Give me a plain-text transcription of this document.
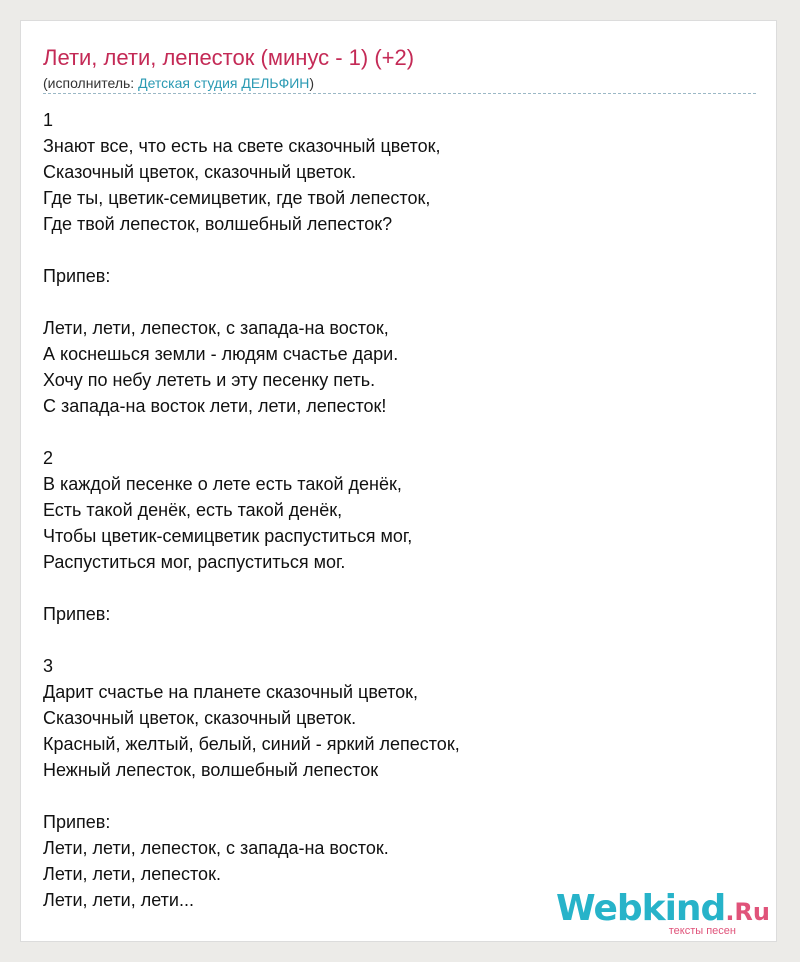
Лети, лети, лепесток (минус - 1) (+2)
(исполнитель: Детская студия ДЕЛЬФИН)
1
Знают все, что есть на свете сказочный цветок,
Сказочный цветок, сказочный цветок.
Где ты, цветик-семицветик, где твой лепесток,
Где твой лепесток, волшебный лепесток?
Припев:
Лети, лети, лепесток, с запада-на восток,
А коснешься земли - людям счастье дари.
Хочу по небу лететь и эту песенку петь.
С запада-на восток лети, лети, лепесток!
2
В каждой песенке о лете есть такой денёк,
Есть такой денёк, есть такой денёк,
Чтобы цветик-семицветик распуститься мог,
Распуститься мог, распуститься мог.
Припев:
3
Дарит счастье на планете сказочный цветок,
Сказочный цветок, сказочный цветок.
Красный, желтый, белый, синий - яркий лепесток,
Нежный лепесток, волшебный лепесток
Припев:
Лети, лети, лепесток, с запада-на восток.
Лети, лети, лепесток.
Лети, лети, лети...	Webkind.Ru
тексты песен
